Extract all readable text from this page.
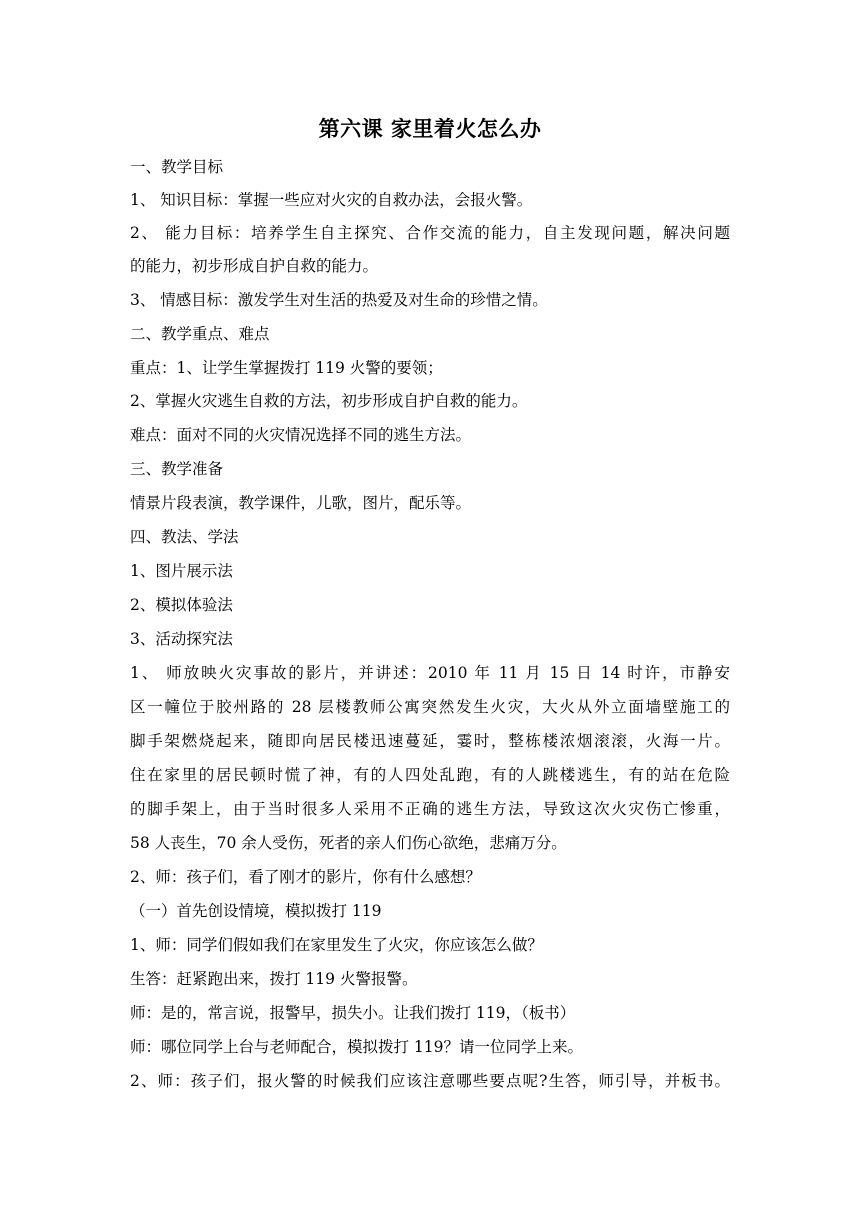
第六课 家里着火怎么办
一、教学目标
1、 知识目标：掌握一些应对火灾的自救办法，会报火警。
2、 能力目标：培养学生自主探究、合作交流的能力，自主发现问题，解决问题
的能力，初步形成自护自救的能力。
3、 情感目标：激发学生对生活的热爱及对生命的珍惜之情。
二、教学重点、难点
重点：1、让学生掌握拨打 119 火警的要领；
2、掌握火灾逃生自救的方法，初步形成自护自救的能力。
难点：面对不同的火灾情况选择不同的逃生方法。
三、教学准备
情景片段表演，教学课件，儿歌，图片，配乐等。
四、教法、学法
1、图片展示法
2、模拟体验法
3、活动探究法
1、 师放映火灾事故的影片，并讲述：2010 年 11 月 15 日 14 时许，市静安
区一幢位于胶州路的 28 层楼教师公寓突然发生火灾，大火从外立面墙壁施工的
脚手架燃烧起来，随即向居民楼迅速蔓延，霎时，整栋楼浓烟滚滚，火海一片。
住在家里的居民顿时慌了神，有的人四处乱跑，有的人跳楼逃生，有的站在危险
的脚手架上，由于当时很多人采用不正确的逃生方法，导致这次火灾伤亡惨重，
58 人丧生，70 余人受伤，死者的亲人们伤心欲绝，悲痛万分。
2、师：孩子们，看了刚才的影片，你有什么感想？
（一）首先创设情境，模拟拨打 119
1、师：同学们假如我们在家里发生了火灾，你应该怎么做？
生答：赶紧跑出来，拨打 119 火警报警。
师：是的，常言说，报警早，损失小。让我们拨打 119，（板书）
师：哪位同学上台与老师配合，模拟拨打 119？请一位同学上来。
2、师：孩子们，报火警的时候我们应该注意哪些要点呢?生答，师引导，并板书。
